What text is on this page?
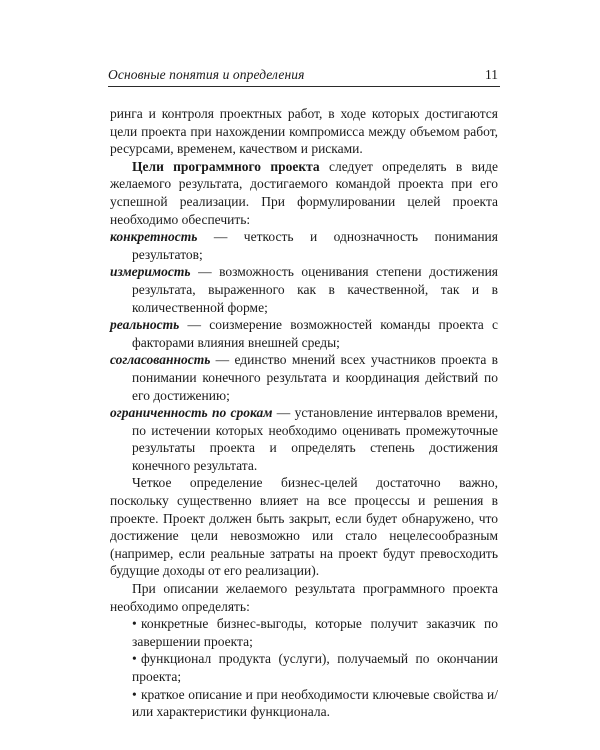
Основные понятия и определения	11

ринга и контроля проектных работ, в ходе которых достигаются цели проекта при нахождении компромисса между объемом работ, ресурсами, временем, качеством и рисками.

Цели программного проекта следует определять в виде желаемого результата, достигаемого командой проекта при его успешной реализации. При формулировании целей проекта необходимо обеспечить:

конкретность — четкость и однозначность понимания результатов;

измеримость — возможность оценивания степени достижения результата, выраженного как в качественной, так и в количественной форме;

реальность — соизмерение возможностей команды проекта с факторами влияния внешней среды;

согласованность — единство мнений всех участников проекта в понимании конечного результата и координация действий по его достижению;

ограниченность по срокам — установление интервалов времени, по истечении которых необходимо оценивать промежуточные результаты проекта и определять степень достижения конечного результата.

Четкое определение бизнес-целей достаточно важно, поскольку существенно влияет на все процессы и решения в проекте. Проект должен быть закрыт, если будет обнаружено, что достижение цели невозможно или стало нецелесообразным (например, если реальные затраты на проект будут превосходить будущие доходы от его реализации).

При описании желаемого результата программного проекта необходимо определять:

• конкретные бизнес-выгоды, которые получит заказчик по завершении проекта;

• функционал продукта (услуги), получаемый по окончании проекта;

• краткое описание и при необходимости ключевые свойства и/или характеристики функционала.
